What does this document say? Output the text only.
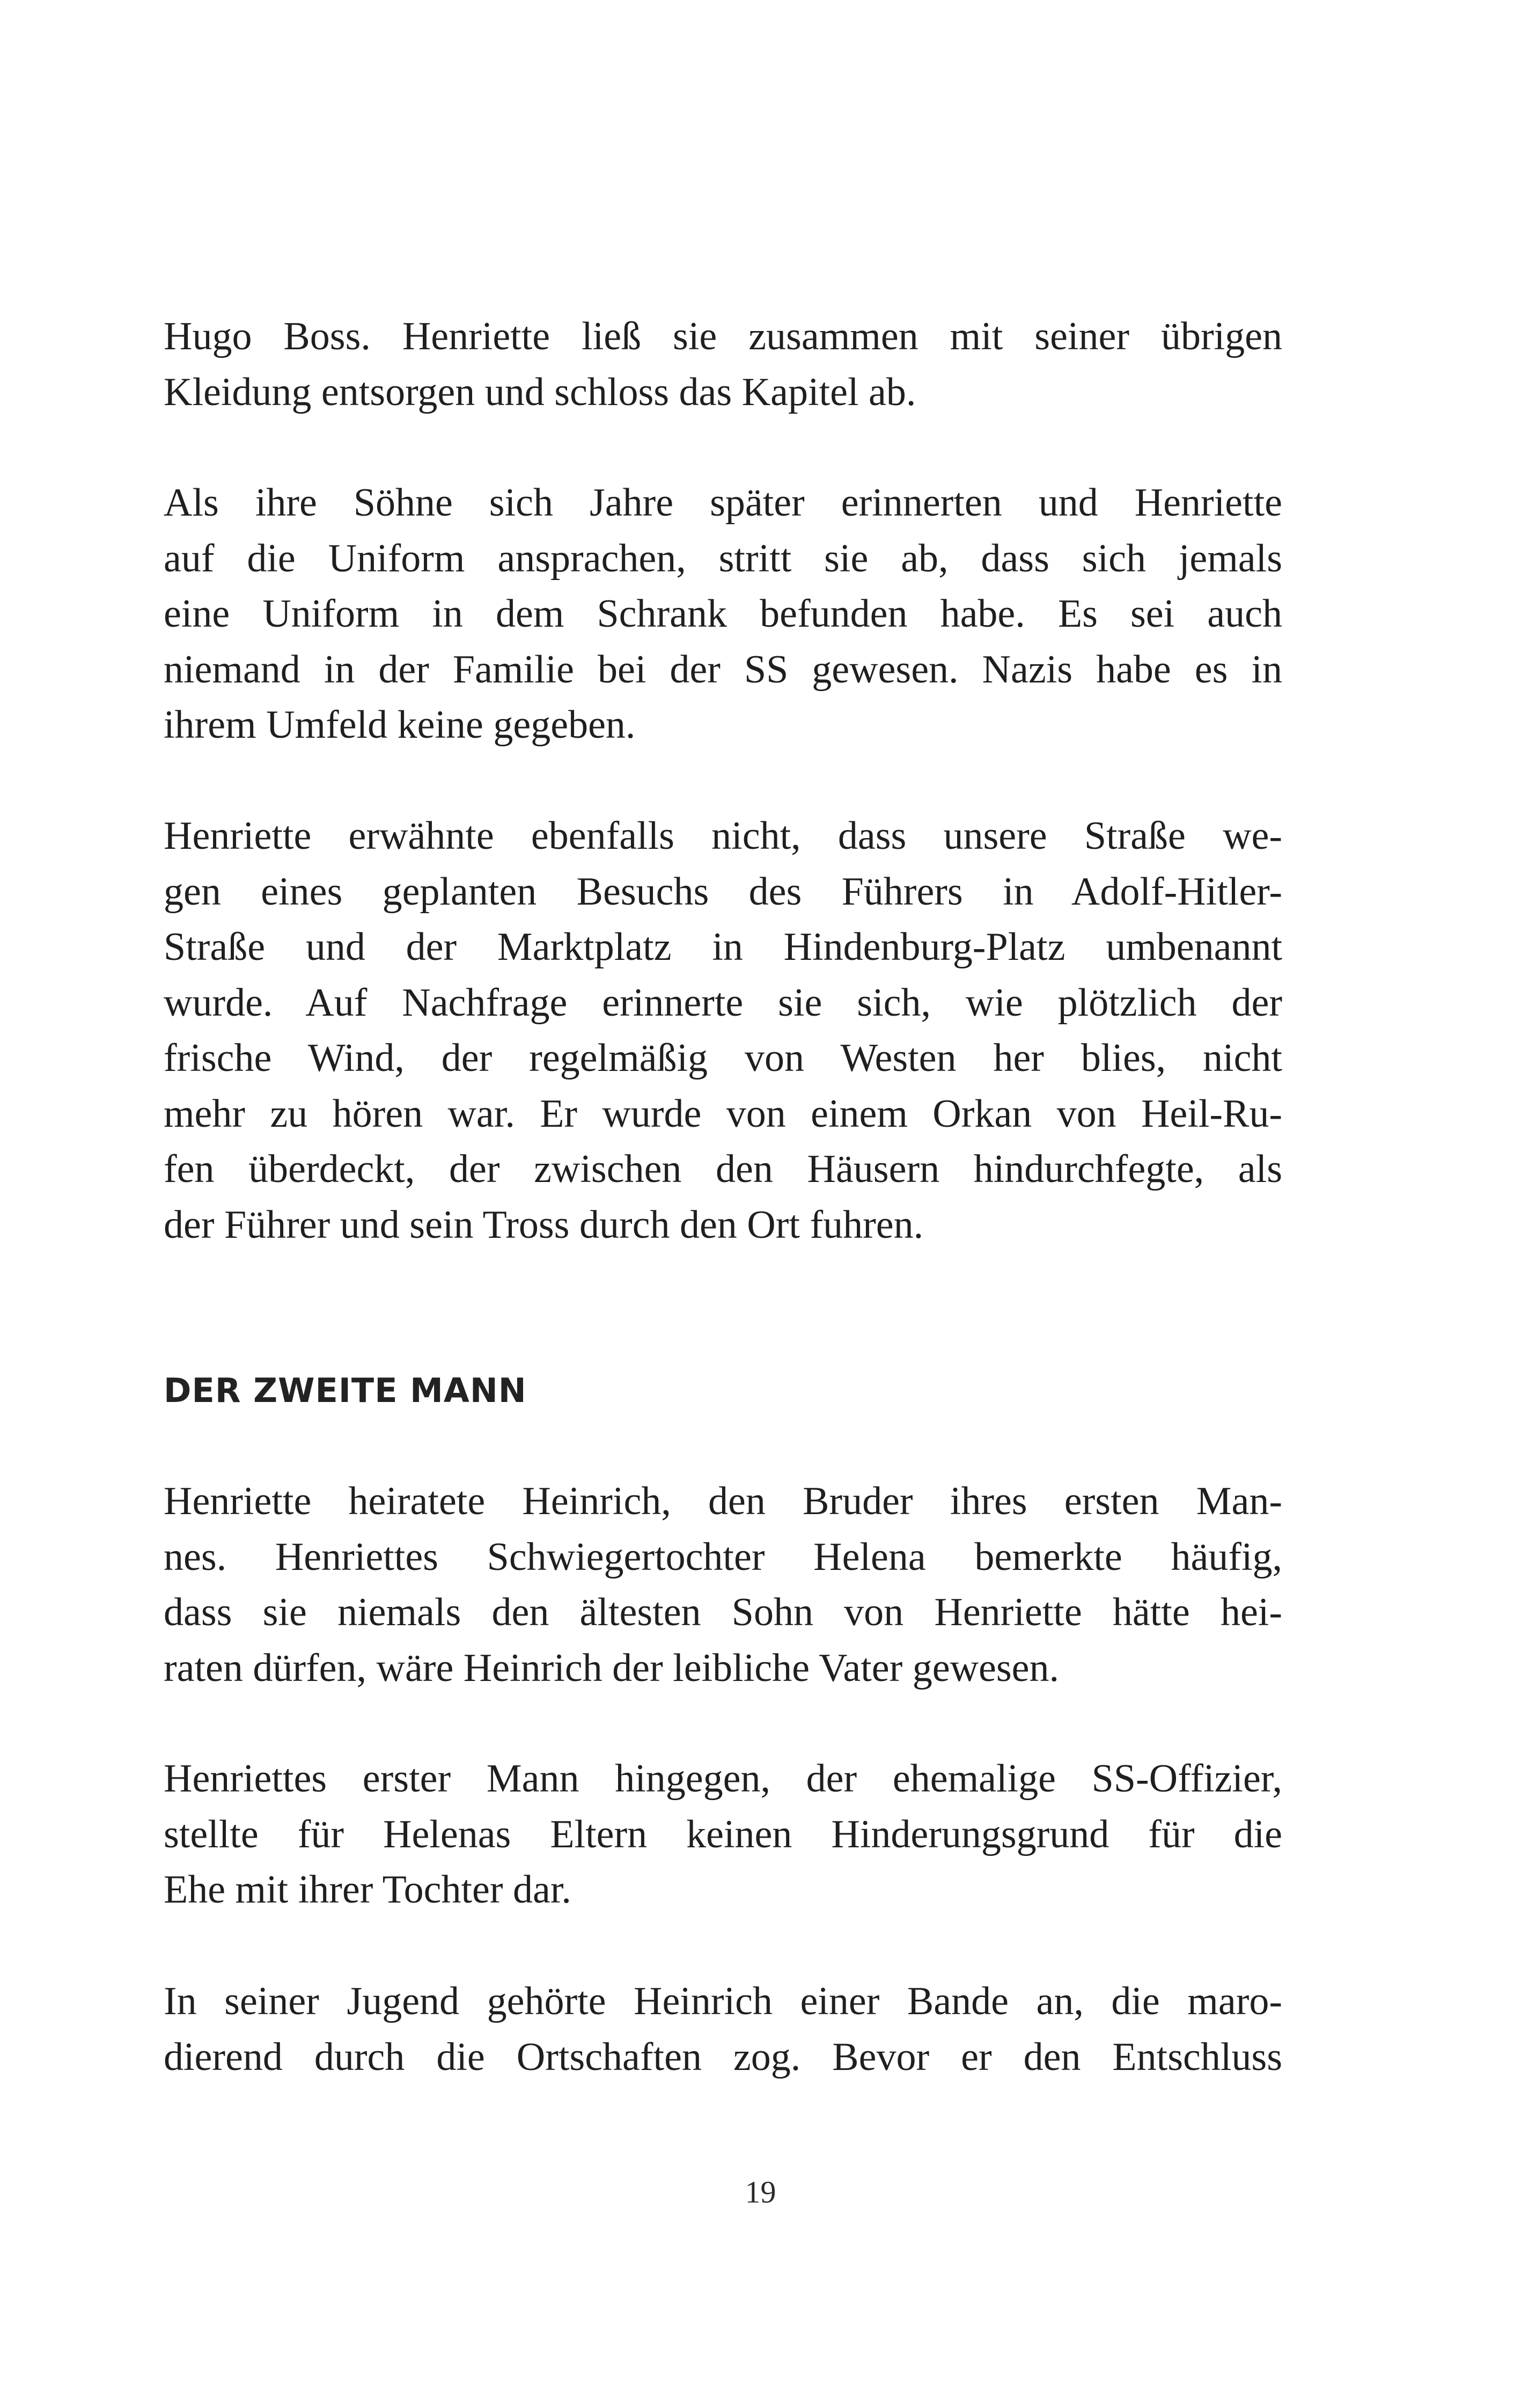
Hugo Boss. Henriette ließ sie zusammen mit seiner übrigen
Kleidung entsorgen und schloss das Kapitel ab.
Als ihre Söhne sich Jahre später erinnerten und Henriette
auf die Uniform ansprachen, stritt sie ab, dass sich jemals
eine Uniform in dem Schrank befunden habe. Es sei auch
niemand in der Familie bei der SS gewesen. Nazis habe es in
ihrem Umfeld keine gegeben.
Henriette erwähnte ebenfalls nicht, dass unsere Straße we-
gen eines geplanten Besuchs des Führers in Adolf-Hitler-
Straße und der Marktplatz in Hindenburg-Platz umbenannt
wurde. Auf Nachfrage erinnerte sie sich, wie plötzlich der
frische Wind, der regelmäßig von Westen her blies, nicht
mehr zu hören war. Er wurde von einem Orkan von Heil-Ru-
fen überdeckt, der zwischen den Häusern hindurchfegte, als
der Führer und sein Tross durch den Ort fuhren.
DER ZWEITE MANN
Henriette heiratete Heinrich, den Bruder ihres ersten Man-
nes. Henriettes Schwiegertochter Helena bemerkte häufig,
dass sie niemals den ältesten Sohn von Henriette hätte hei-
raten dürfen, wäre Heinrich der leibliche Vater gewesen.
Henriettes erster Mann hingegen, der ehemalige SS-Offizier,
stellte für Helenas Eltern keinen Hinderungsgrund für die
Ehe mit ihrer Tochter dar.
In seiner Jugend gehörte Heinrich einer Bande an, die maro-
dierend durch die Ortschaften zog. Bevor er den Entschluss
19
